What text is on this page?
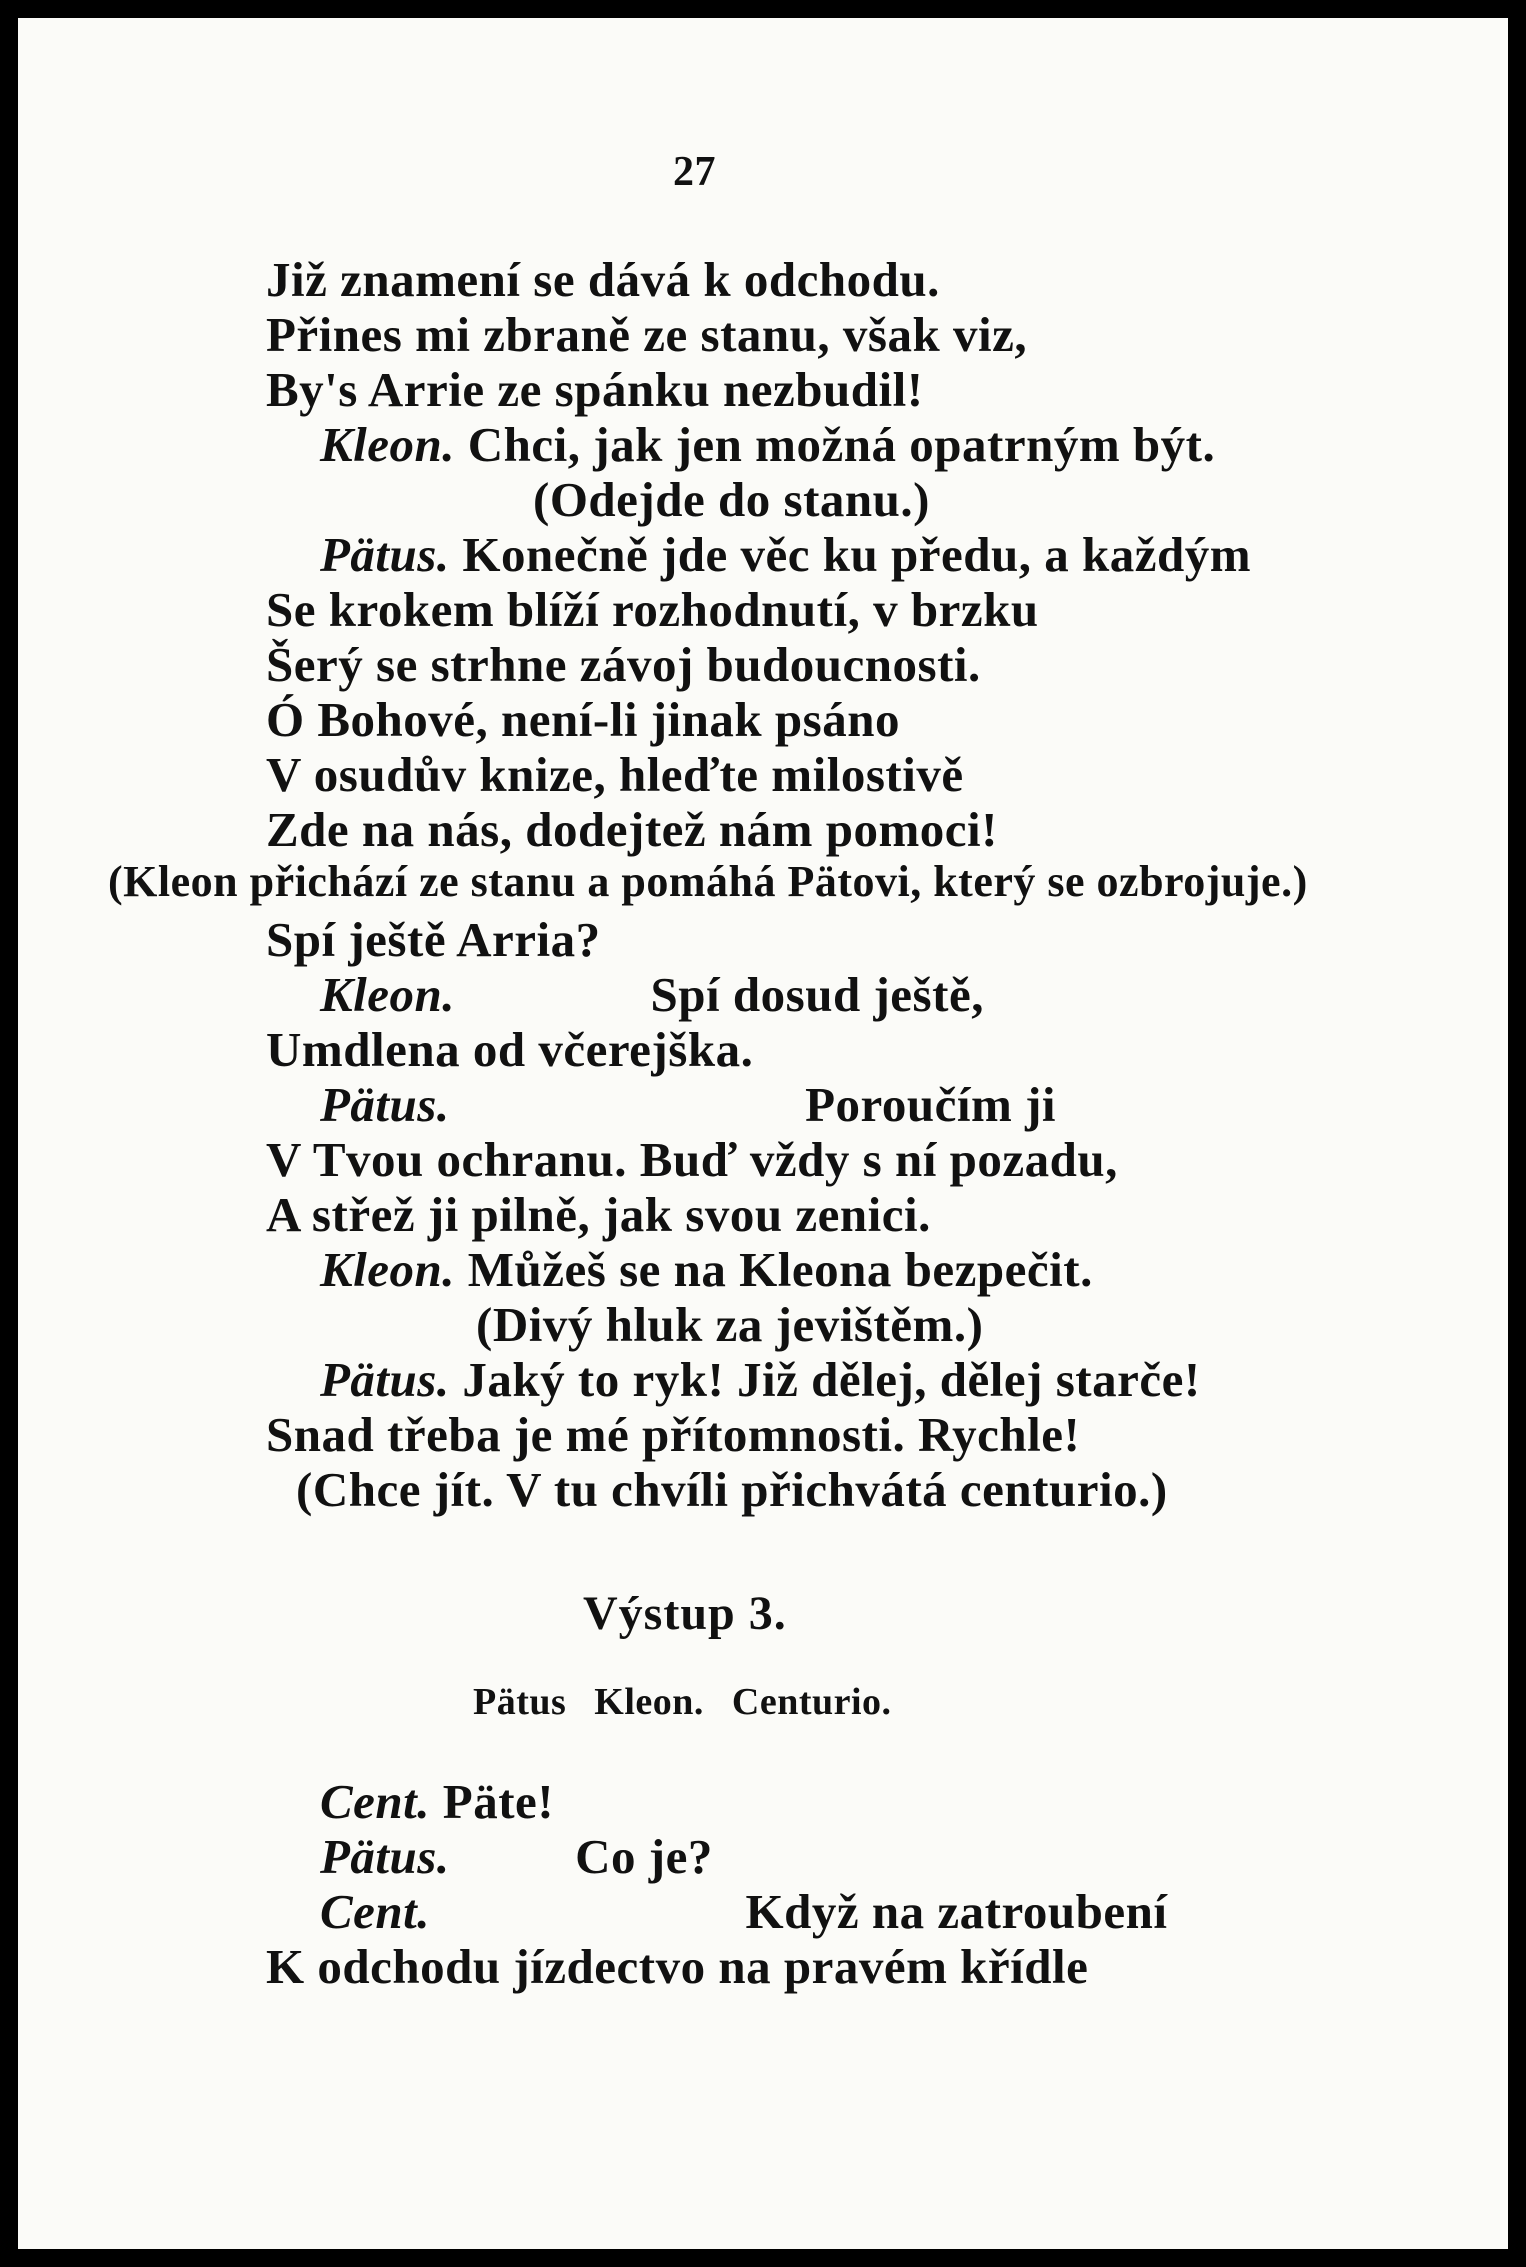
27
Již znamení se dává k odchodu.
Přines mi zbraně ze stanu, však viz,
By's Arrie ze spánku nezbudil!
Kleon. Chci, jak jen možná opatrným být.
(Odejde do stanu.)
Pätus. Konečně jde věc ku předu, a každým
Se krokem blíží rozhodnutí, v brzku
Šerý se strhne závoj budoucnosti.
Ó Bohové, není-li jinak psáno
V osudův knize, hleďte milostivě
Zde na nás, dodejtež nám pomoci!
(Kleon přichází ze stanu a pomáhá Pätovi, který se ozbrojuje.)
Spí ještě Arria?
Kleon.	Spí dosud ještě,
Umdlena od včerejška.
Pätus.	Poroučím ji
V Tvou ochranu. Buď vždy s ní pozadu,
A střež ji pilně, jak svou zenici.
Kleon. Můžeš se na Kleona bezpečit.
(Divý hluk za jevištěm.)
Pätus. Jaký to ryk! Již dělej, dělej starče!
Snad třeba je mé přítomnosti. Rychle!
(Chce jít. V tu chvíli přichvátá centurio.)
Výstup 3.
Pätus Kleon. Centurio.
Cent. Päte!
Pätus.	Co je?
Cent.	Když na zatroubení
K odchodu jízdectvo na pravém křídle
